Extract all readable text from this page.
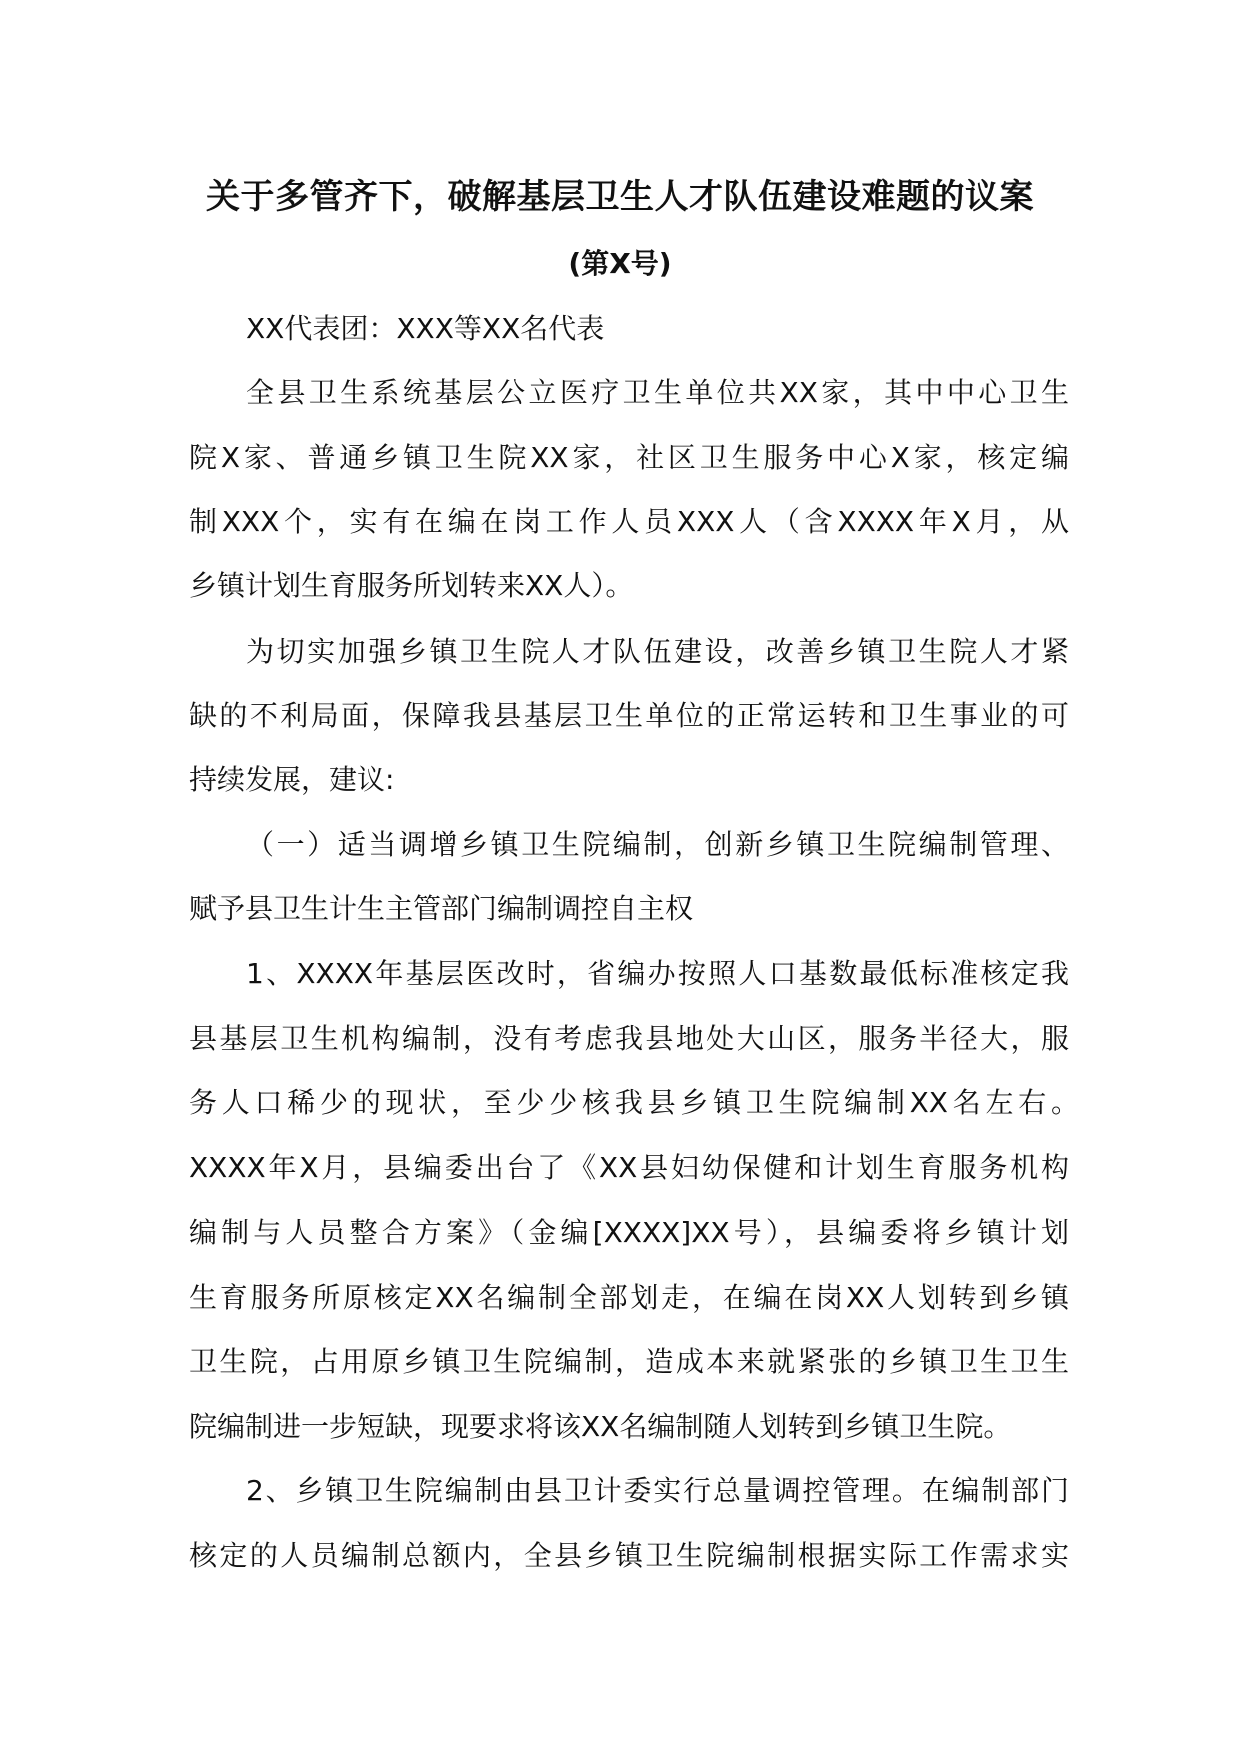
关于多管齐下，破解基层卫生人才队伍建设难题的议案
(第X号)
XX代表团：XXX等XX名代表
全县卫生系统基层公立医疗卫生单位共XX家，其中中心卫生
院X家、普通乡镇卫生院XX家，社区卫生服务中心X家，核定编
制XXX个，实有在编在岗工作人员XXX人（含XXXX年X月，从
乡镇计划生育服务所划转来XX人）。
为切实加强乡镇卫生院人才队伍建设，改善乡镇卫生院人才紧
缺的不利局面，保障我县基层卫生单位的正常运转和卫生事业的可
持续发展，建议:
（一）适当调增乡镇卫生院编制，创新乡镇卫生院编制管理、
赋予县卫生计生主管部门编制调控自主权
1、XXXX年基层医改时，省编办按照人口基数最低标准核定我
县基层卫生机构编制，没有考虑我县地处大山区，服务半径大，服
务人口稀少的现状，至少少核我县乡镇卫生院编制XX名左右。
XXXX年X月，县编委出台了《XX县妇幼保健和计划生育服务机构
编制与人员整合方案》（金编[XXXX]XX号），县编委将乡镇计划
生育服务所原核定XX名编制全部划走，在编在岗XX人划转到乡镇
卫生院，占用原乡镇卫生院编制，造成本来就紧张的乡镇卫生卫生
院编制进一步短缺，现要求将该XX名编制随人划转到乡镇卫生院。
2、乡镇卫生院编制由县卫计委实行总量调控管理。在编制部门
核定的人员编制总额内，全县乡镇卫生院编制根据实际工作需求实
